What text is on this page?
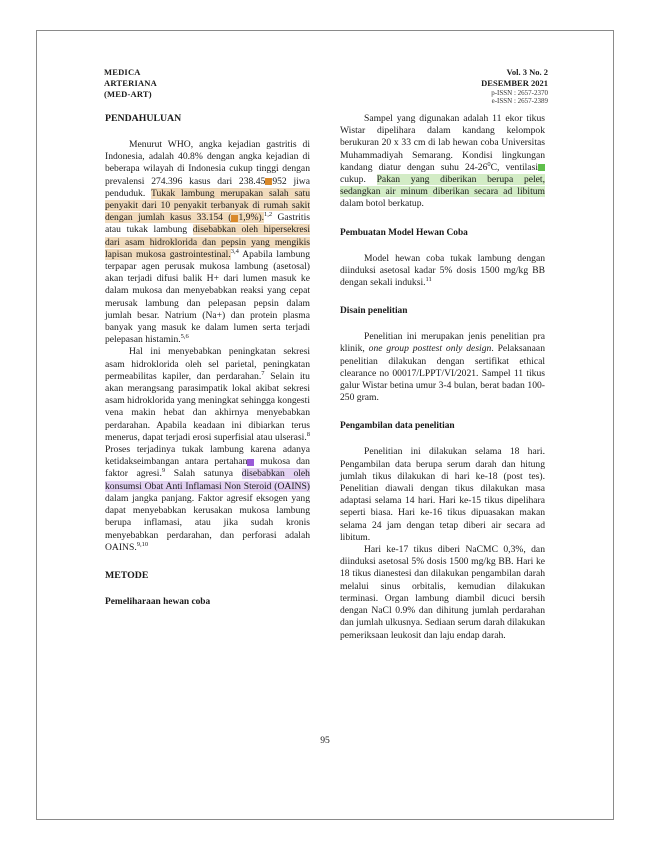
MEDICA
ARTERIANA
(MED-ART)
Vol. 3 No. 2
DESEMBER 2021
p-ISSN : 2657-2370
e-ISSN : 2657-2389
PENDAHULUAN

Menurut WHO, angka kejadian gastritis di Indonesia, adalah 40.8% dengan angka kejadian di beberapa wilayah di Indonesia cukup tinggi dengan prevalensi 274.396 kasus dari 238.45 952 jiwa penduduk. Tukak lambung merupakan salah satu penyakit dari 10 penyakit terbanyak di rumah sakit dengan jumlah kasus 33.154 ( 1,9%).$^{1,2}$ Gastritis atau tukak lambung disebabkan oleh hipersekresi dari asam hidroklorida dan pepsin yang mengikis lapisan mukosa gastrointestinal.$^{3,4}$ Apabila lambung terpapar agen perusak mukosa lambung (asetosal) akan terjadi difusi balik H+ dari lumen masuk ke dalam mukosa dan menyebabkan reaksi yang cepat merusak lambung dan pelepasan pepsin dalam jumlah besar. Natrium (Na+) dan protein plasma banyak yang masuk ke dalam lumen serta terjadi pelepasan histamin.$^{5,6}$

Hal ini menyebabkan peningkatan sekresi asam hidroklorida oleh sel parietal, peningkatan permeabilitas kapiler, dan perdarahan.$^7$ Selain itu akan merangsang parasimpatik lokal akibat sekresi asam hidroklorida yang meningkat sehingga kongesti vena makin hebat dan akhirnya menyebabkan perdarahan. Apabila keadaan ini dibiarkan terus menerus, dapat terjadi erosi superfisial atau ulserasi.$^8$ Proses terjadinya tukak lambung karena adanya ketidakseimbangan antara pertahan mukosa dan faktor agresi.$^9$ Salah satunya disebabkan oleh konsumsi Obat Anti Inflamasi Non Steroid (OAINS) dalam jangka panjang. Faktor agresif eksogen yang dapat menyebabkan kerusakan mukosa lambung berupa inflamasi, atau jika sudah kronis menyebabkan perdarahan, dan perforasi adalah OAINS.$^{9,10}$

METODE
Pemeliharaan hewan coba

Sampel yang digunakan adalah 11 ekor tikus Wistar dipelihara dalam kandang kelompok berukuran 20 x 33 cm di lab hewan coba Universitas Muhammadiyah Semarang. Kondisi lingkungan kandang diatur dengan suhu $24-26^0C$, ventilasicukup. Pakan yang diberikan berupa pelet, sedangkan air minum diberikan secara ad libitum dalam botol berkatup.

Pembuatan Model Hewan Coba

Model hewan coba tukak lambung dengan diinduksi asetosal kadar 5% dosis 1500 mg/kg BB dengan sekali induksi.$^{11}$

Disain penelitian

Penelitian ini merupakan jenis penelitian pra klinik, one group posttest only design. Pelaksanaan penelitian dilakukan dengan sertifikat ethical clearance no 00017/LPPT/VI/2021. Sampel 11 tikus galur Wistar betina umur 3-4 bulan, berat badan 100-250 gram.

Pengambilan data penelitian

Penelitian ini dilakukan selama 18 hari. Pengambilan data berupa serum darah dan hitung jumlah tikus dilakukan di hari ke-18 (post tes). Penelitian diawali dengan tikus dilakukan masa adaptasi selama 14 hari. Hari ke-15 tikus dipelihara seperti biasa. Hari ke-16 tikus dipuasakan makan selama 24 jam dengan tetap diberi air secara ad libitum.

Hari ke-17 tikus diberi NaCMC 0,3%, dan diinduksi asetosal 5% dosis 1500 mg/kg BB. Hari ke 18 tikus dianestesi dan dilakukan pengambilan darah melalui sinus orbitalis, kemudian dilakukan terminasi. Organ lambung diambil dicuci bersih dengan NaCl 0.9% dan dihitung jumlah perdarahan dan jumlah ulkusnya. Sediaan serum darah dilakukan pemeriksaan leukosit dan laju endap darah.

95
